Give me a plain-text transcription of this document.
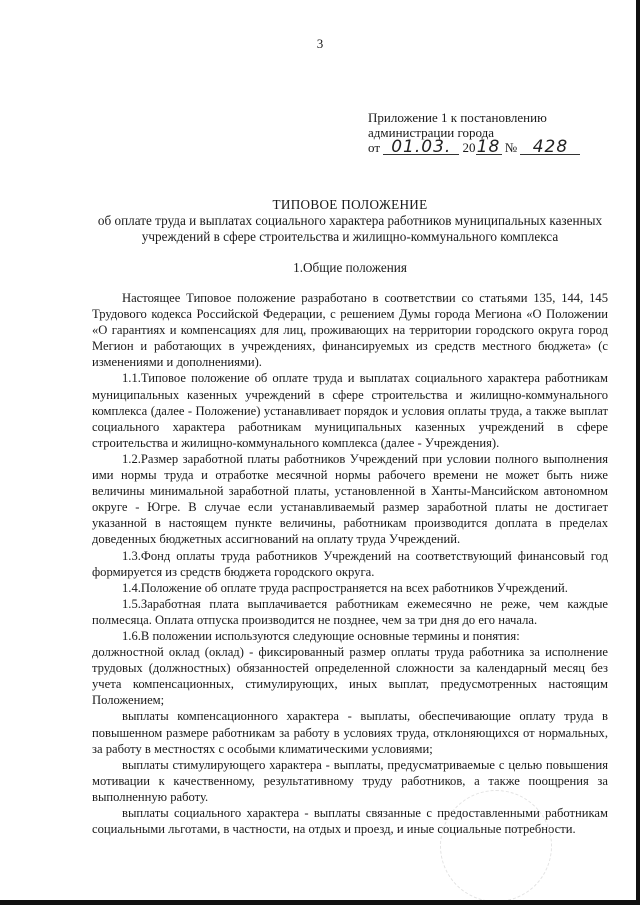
3
Приложение 1 к постановлению
администрации города
от 01.03. 2018 № 428
ТИПОВОЕ ПОЛОЖЕНИЕ
об оплате труда и выплатах социального характера работников муниципальных казенных учреждений в сфере строительства и жилищно-коммунального комплекса
1.Общие положения

Настоящее Типовое положение разработано в соответствии со статьями 135, 144, 145 Трудового кодекса Российской Федерации, с решением Думы города Мегиона «О Положении «О гарантиях и компенсациях для лиц, проживающих на территории городского округа город Мегион и работающих в учреждениях, финансируемых из средств местного бюджета» (с изменениями и дополнениями).

1.1.Типовое положение об оплате труда и выплатах социального характера работникам муниципальных казенных учреждений в сфере строительства и жилищно-коммунального комплекса (далее - Положение) устанавливает порядок и условия оплаты труда, а также выплат социального характера работникам муниципальных казенных учреждений в сфере строительства и жилищно-коммунального комплекса (далее - Учреждения).

1.2.Размер заработной платы работников Учреждений при условии полного выполнения ими нормы труда и отработке месячной нормы рабочего времени не может быть ниже величины минимальной заработной платы, установленной в Ханты-Мансийском автономном округе - Югре. В случае если устанавливаемый размер заработной платы не достигает указанной в настоящем пункте величины, работникам производится доплата в пределах доведенных бюджетных ассигнований на оплату труда Учреждений.

1.3.Фонд оплаты труда работников Учреждений на соответствующий финансовый год формируется из средств бюджета городского округа.

1.4.Положение об оплате труда распространяется на всех работников Учреждений.

1.5.Заработная плата выплачивается работникам ежемесячно не реже, чем каждые полмесяца. Оплата отпуска производится не позднее, чем за три дня до его начала.

1.6.В положении используются следующие основные термины и понятия:

должностной оклад (оклад) - фиксированный размер оплаты труда работника за исполнение трудовых (должностных) обязанностей определенной сложности за календарный месяц без учета компенсационных, стимулирующих, иных выплат, предусмотренных настоящим Положением;

выплаты компенсационного характера - выплаты, обеспечивающие оплату труда в повышенном размере работникам за работу в условиях труда, отклоняющихся от нормальных, за работу в местностях с особыми климатическими условиями;

выплаты стимулирующего характера - выплаты, предусматриваемые с целью повышения мотивации к качественному, результативному труду работников, а также поощрения за выполненную работу.

выплаты социального характера - выплаты связанные с предоставленными работникам социальными льготами, в частности, на отдых и проезд, и иные социальные потребности.
